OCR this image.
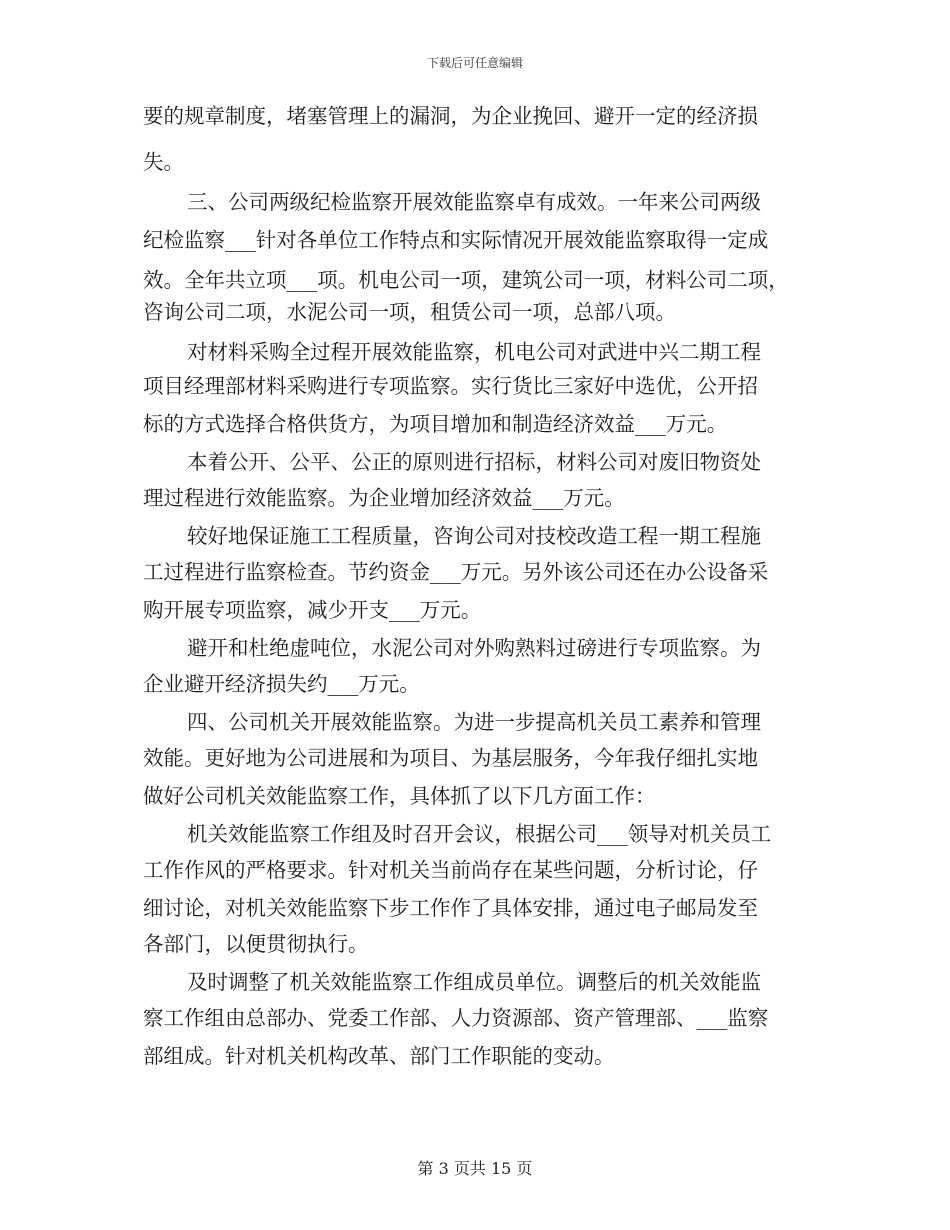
下载后可任意编辑
要的规章制度，堵塞管理上的漏洞，为企业挽回、避开一定的经济损
失。
三、公司两级纪检监察开展效能监察卓有成效。一年来公司两级
纪检监察___针对各单位工作特点和实际情况开展效能监察取得一定成
效。全年共立项___项。机电公司一项，建筑公司一项，材料公司二项，
咨询公司二项，水泥公司一项，租赁公司一项，总部八项。
对材料采购全过程开展效能监察，机电公司对武进中兴二期工程
项目经理部材料采购进行专项监察。实行货比三家好中选优，公开招
标的方式选择合格供货方，为项目增加和制造经济效益___万元。
本着公开、公平、公正的原则进行招标，材料公司对废旧物资处
理过程进行效能监察。为企业增加经济效益___万元。
较好地保证施工工程质量，咨询公司对技校改造工程一期工程施
工过程进行监察检查。节约资金___万元。另外该公司还在办公设备采
购开展专项监察，减少开支___万元。
避开和杜绝虚吨位，水泥公司对外购熟料过磅进行专项监察。为
企业避开经济损失约___万元。
四、公司机关开展效能监察。为进一步提高机关员工素养和管理
效能。更好地为公司进展和为项目、为基层服务，今年我仔细扎实地
做好公司机关效能监察工作，具体抓了以下几方面工作：
机关效能监察工作组及时召开会议，根据公司___领导对机关员工
工作作风的严格要求。针对机关当前尚存在某些问题，分析讨论，仔
细讨论，对机关效能监察下步工作作了具体安排，通过电子邮局发至
各部门，以便贯彻执行。
及时调整了机关效能监察工作组成员单位。调整后的机关效能监
察工作组由总部办、党委工作部、人力资源部、资产管理部、___监察
部组成。针对机关机构改革、部门工作职能的变动。
第 3 页共 15 页
